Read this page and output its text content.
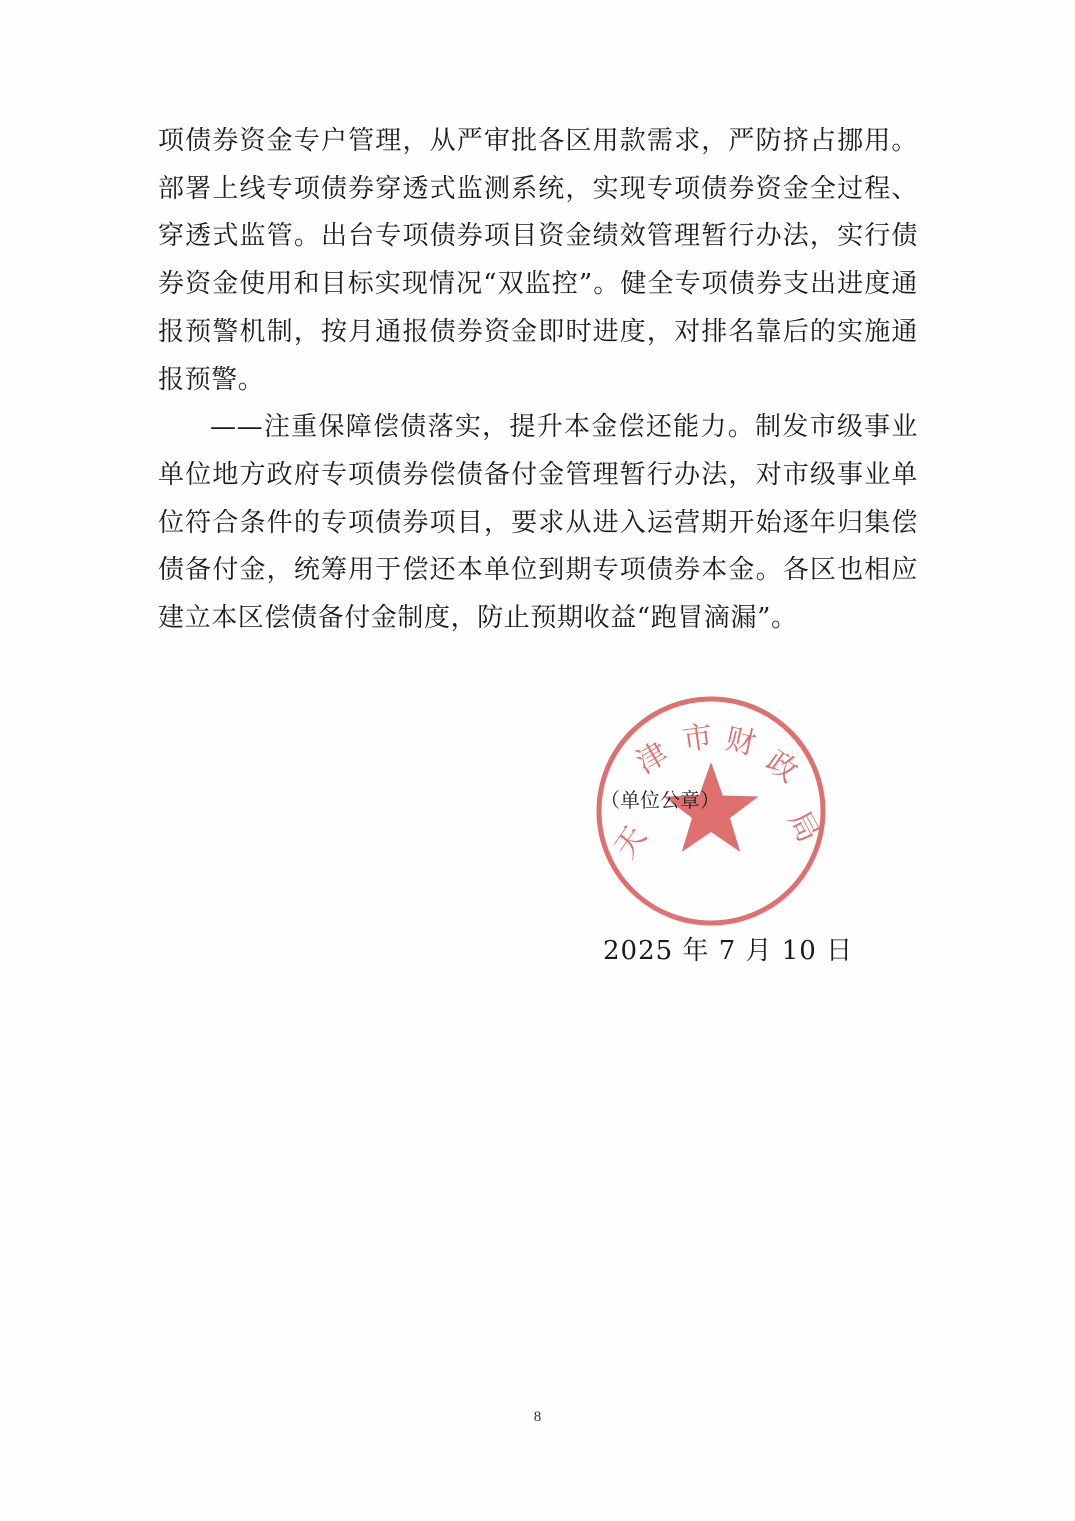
项债券资金专户管理，从严审批各区用款需求，严防挤占挪用。部署上线专项债券穿透式监测系统，实现专项债券资金全过程、穿透式监管。出台专项债券项目资金绩效管理暂行办法，实行债券资金使用和目标实现情况“双监控”。健全专项债券支出进度通报预警机制，按月通报债券资金即时进度，对排名靠后的实施通报预警。

——注重保障偿债落实，提升本金偿还能力。制发市级事业单位地方政府专项债券偿债备付金管理暂行办法，对市级事业单位符合条件的专项债券项目，要求从进入运营期开始逐年归集偿债备付金，统筹用于偿还本单位到期专项债券本金。各区也相应建立本区偿债备付金制度，防止预期收益“跑冒滴漏”。

天
津 市 财
政
局
（单位公章）
2025 年 7 月 10 日
8
